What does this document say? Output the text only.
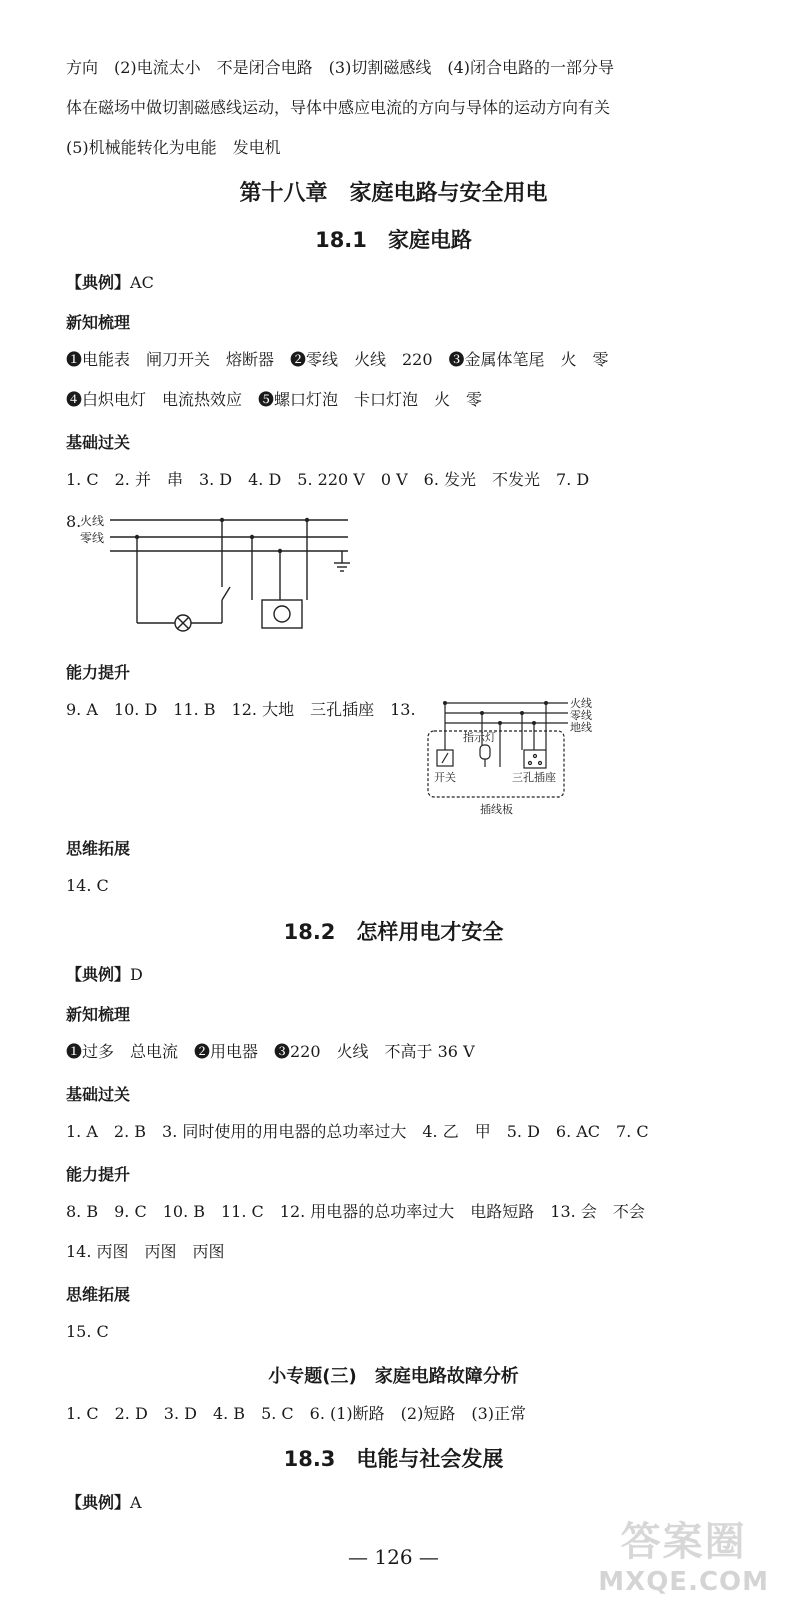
方向　(2)电流太小　不是闭合电路　(3)切割磁感线　(4)闭合电路的一部分导
体在磁场中做切割磁感线运动，导体中感应电流的方向与导体的运动方向有关
(5)机械能转化为电能　发电机
第十八章　家庭电路与安全用电
18.1　家庭电路
【典例】AC
新知梳理
❶电能表　闸刀开关　熔断器　❷零线　火线　220　❸金属体笔尾　火　零
❹白炽电灯　电流热效应　❺螺口灯泡　卡口灯泡　火　零
基础过关
1. C　2. 并　串　3. D　4. D　5. 220 V　0 V　6. 发光　不发光　7. D
8.
火线
零线
能力提升
9. A　10. D　11. B　12. 大地　三孔插座　13.	火线
零线
地线
指示灯
开关	三孔插座
插线板
思维拓展
14. C
18.2　怎样用电才安全
【典例】D
新知梳理
❶过多　总电流　❷用电器　❸220　火线　不高于 36 V
基础过关
1. A　2. B　3. 同时使用的用电器的总功率过大　4. 乙　甲　5. D　6. AC　7. C
能力提升
8. B　9. C　10. B　11. C　12. 用电器的总功率过大　电路短路　13. 会　不会
14. 丙图　丙图　丙图
思维拓展
15. C
小专题(三)　家庭电路故障分析
1. C　2. D　3. D　4. B　5. C　6. (1)断路　(2)短路　(3)正常
18.3　电能与社会发展
【典例】A
— 126 —	答案圈
MXQE.COM
